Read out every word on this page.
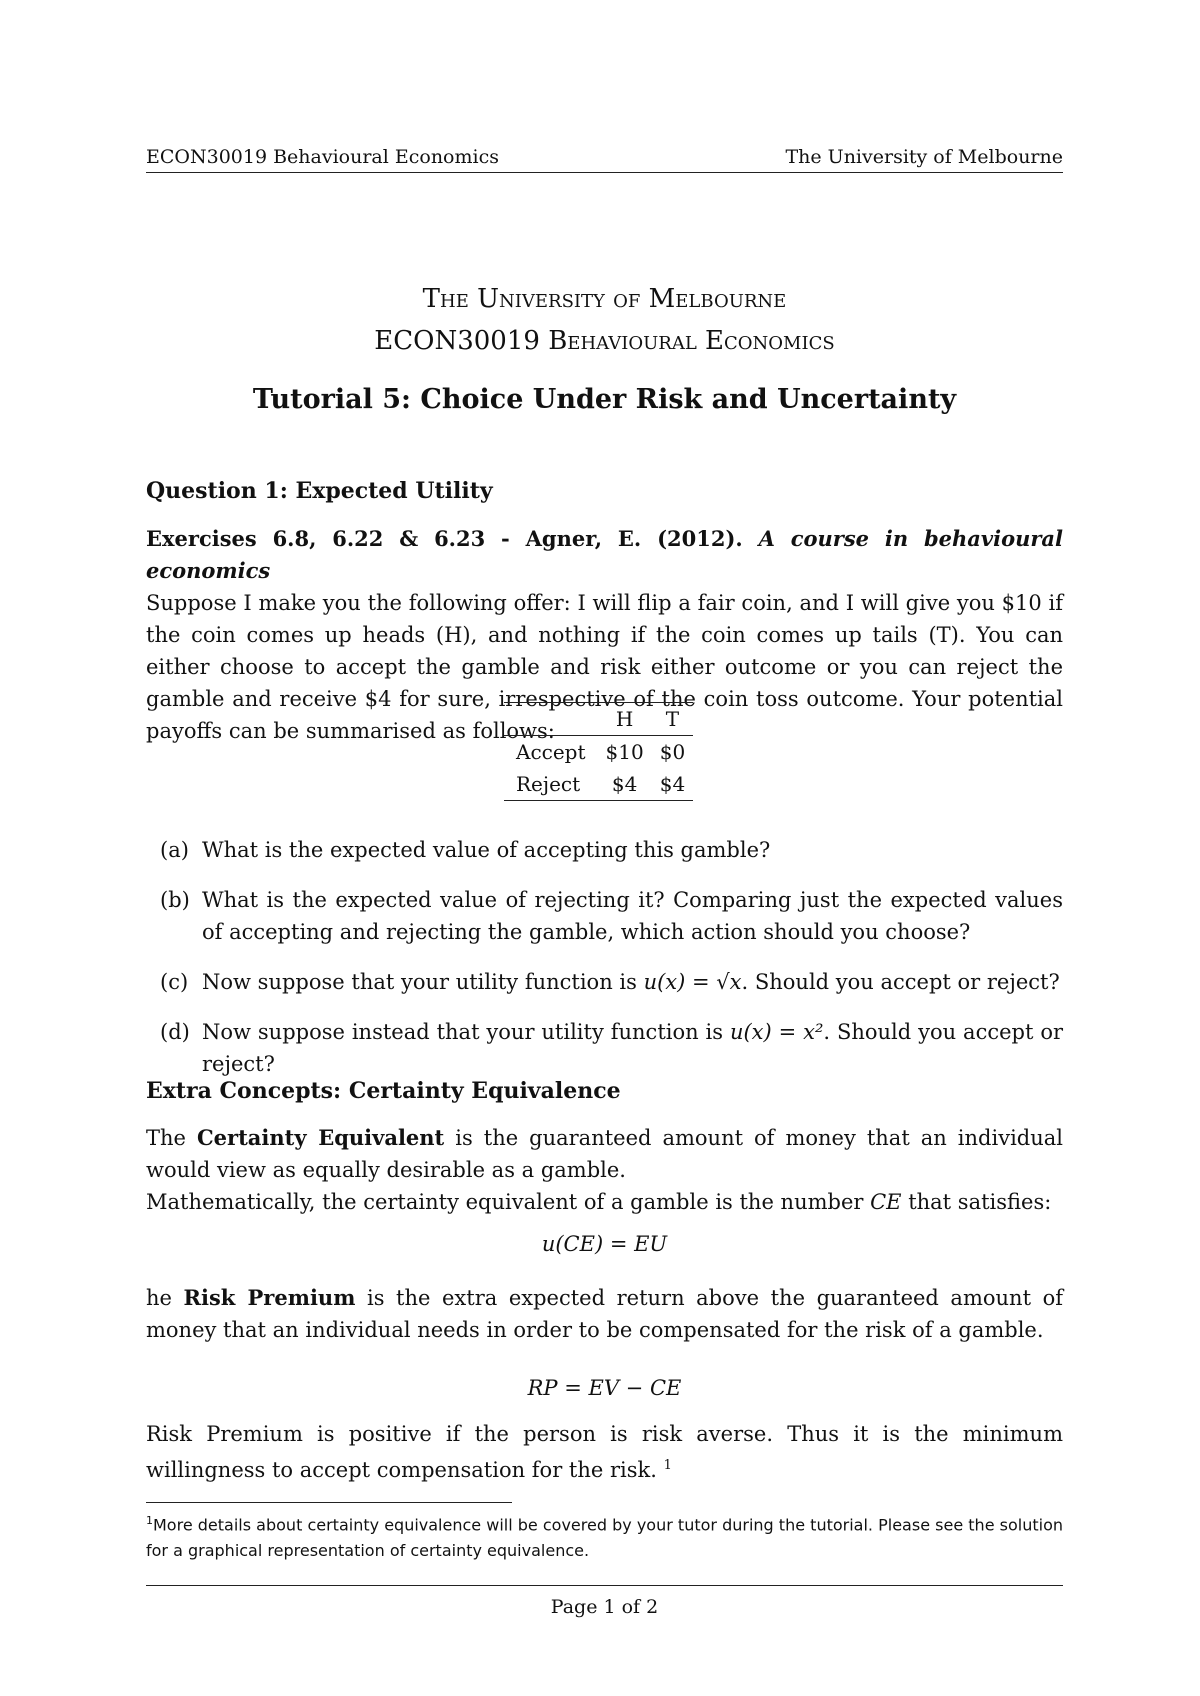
ECON30019 Behavioural Economics	The University of Melbourne
The University of Melbourne
ECON30019 Behavioural Economics
Tutorial 5: Choice Under Risk and Uncertainty
Question 1: Expected Utility
Exercises 6.8, 6.22 & 6.23 - Agner, E. (2012). A course in behavioural economics
Suppose I make you the following offer: I will flip a fair coin, and I will give you $10 if the coin comes up heads (H), and nothing if the coin comes up tails (T). You can either choose to accept the gamble and risk either outcome or you can reject the gamble and receive $4 for sure, irrespective of the coin toss outcome. Your potential payoffs can be summarised as follows:
		H	T
Accept	$10	$0
Reject	$4	$4
(a) What is the expected value of accepting this gamble?
(b) What is the expected value of rejecting it? Comparing just the expected values of accepting and rejecting the gamble, which action should you choose?
(c) Now suppose that your utility function is u(x) = √x. Should you accept or reject?
(d) Now suppose instead that your utility function is u(x) = x². Should you accept or reject?
Extra Concepts: Certainty Equivalence
The Certainty Equivalent is the guaranteed amount of money that an individual would view as equally desirable as a gamble.
Mathematically, the certainty equivalent of a gamble is the number CE that satisfies:
u(CE) = EU
he Risk Premium is the extra expected return above the guaranteed amount of money that an individual needs in order to be compensated for the risk of a gamble.
RP = EV − CE
Risk Premium is positive if the person is risk averse. Thus it is the minimum willingness to accept compensation for the risk. $^1$
$^1$More details about certainty equivalence will be covered by your tutor during the tutorial. Please see the solution for a graphical representation of certainty equivalence.
Page 1 of 2
